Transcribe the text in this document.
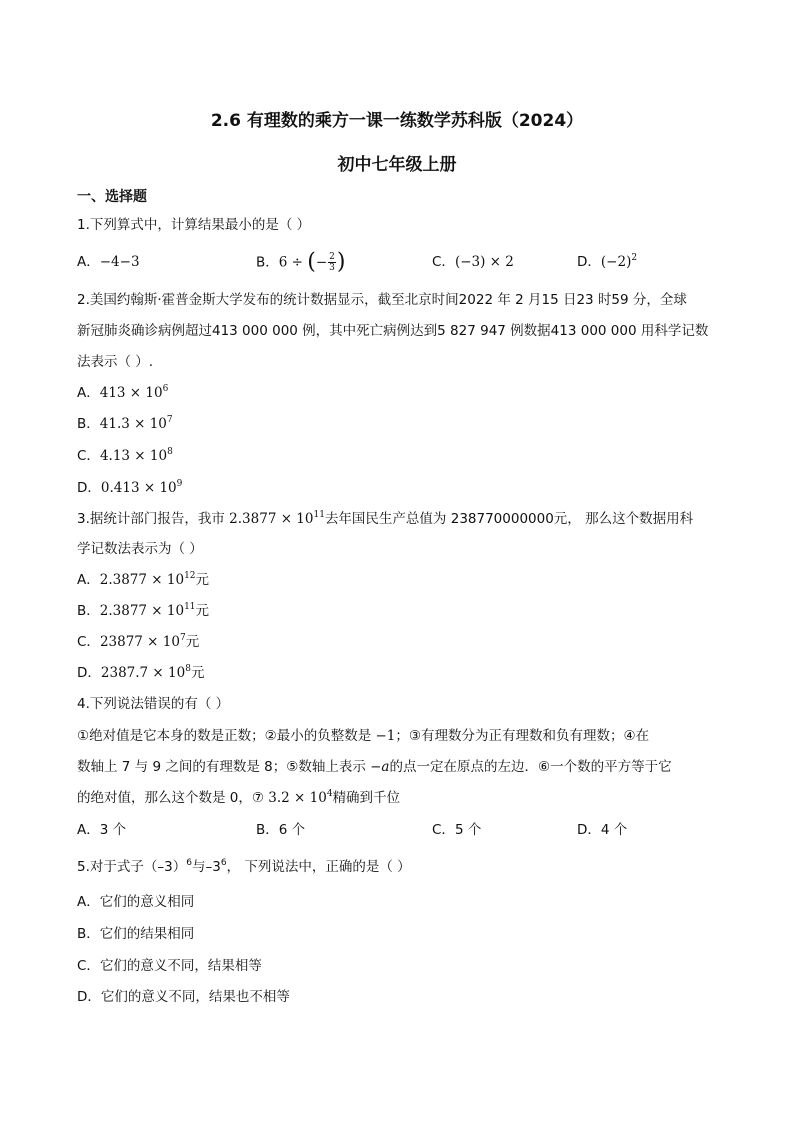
2.6 有理数的乘方一课一练数学苏科版（2024）
初中七年级上册
一、选择题
1.下列算式中，计算结果最小的是（ ）
A．−4−3	B．6 ÷ (− $\frac{2}{3}$ )	C．(−3) × 2	D．$(-2)^2$
2.美国约翰斯·霍普金斯大学发布的统计数据显示，截至北京时间2022 年 2 月15 日23 时59 分，全球
新冠肺炎确诊病例超过413 000 000 例，其中死亡病例达到5 827 947 例数据413 000 000 用科学记数
法表示（ ）.
A．$413 \times 10^6$
B．$41.3 \times 10^7$
C．$4.13 \times 10^8$
D．$0.413 \times 10^9$
3.据统计部门报告，我市 $2.3877 \times 10^{11}$去年国民生产总值为 238770000000元， 那么这个数据用科
学记数法表示为（ ）
A．$2.3877 \times 10^{12}$元
B．$2.3877 \times 10^{11}$元
C．$23877 \times 10^7$元
D．$2387.7 \times 10^8$元
4.下列说法错误的有（ ）
①绝对值是它本身的数是正数；②最小的负整数是 −1；③有理数分为正有理数和负有理数；④在
数轴上 7 与 9 之间的有理数是 8；⑤数轴上表示 −a的点一定在原点的左边．⑥一个数的平方等于它
的绝对值，那么这个数是 0，⑦ $3.2 \times 10^4$精确到千位
A．3 个	B．6 个	C．5 个	D．4 个
5.对于式子$(-3)^6$与$-3^6$， 下列说法中，正确的是（ ）
A．它们的意义相同
B．它们的结果相同
C．它们的意义不同，结果相等
D．它们的意义不同，结果也不相等
